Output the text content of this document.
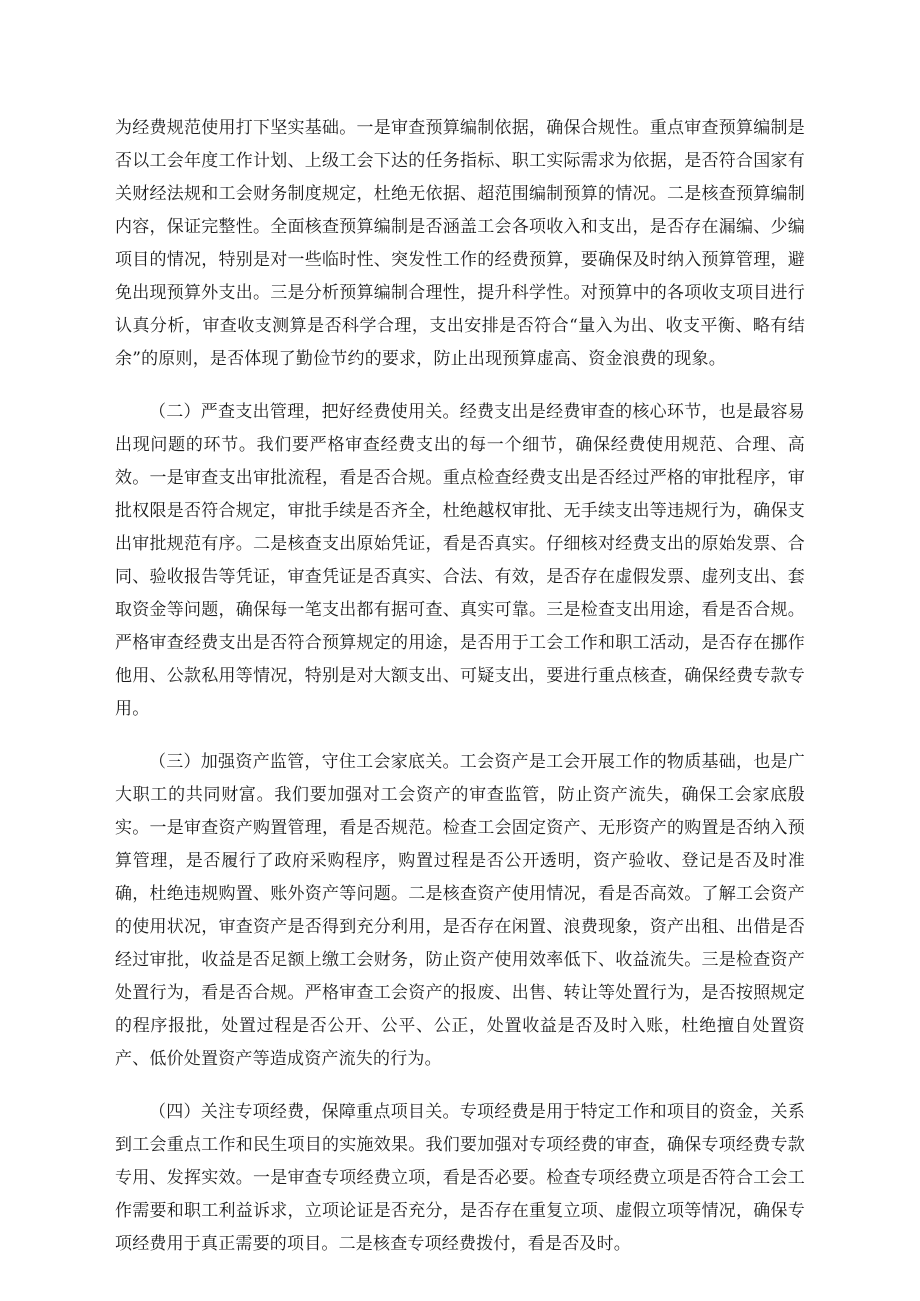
为经费规范使用打下坚实基础。一是审查预算编制依据，确保合规性。重点审查预算编制是否以工会年度工作计划、上级工会下达的任务指标、职工实际需求为依据，是否符合国家有关财经法规和工会财务制度规定，杜绝无依据、超范围编制预算的情况。二是核查预算编制内容，保证完整性。全面核查预算编制是否涵盖工会各项收入和支出，是否存在漏编、少编项目的情况，特别是对一些临时性、突发性工作的经费预算，要确保及时纳入预算管理，避免出现预算外支出。三是分析预算编制合理性，提升科学性。对预算中的各项收支项目进行认真分析，审查收支测算是否科学合理，支出安排是否符合“量入为出、收支平衡、略有结余”的原则，是否体现了勤俭节约的要求，防止出现预算虚高、资金浪费的现象。

（二）严查支出管理，把好经费使用关。经费支出是经费审查的核心环节，也是最容易出现问题的环节。我们要严格审查经费支出的每一个细节，确保经费使用规范、合理、高效。一是审查支出审批流程，看是否合规。重点检查经费支出是否经过严格的审批程序，审批权限是否符合规定，审批手续是否齐全，杜绝越权审批、无手续支出等违规行为，确保支出审批规范有序。二是核查支出原始凭证，看是否真实。仔细核对经费支出的原始发票、合同、验收报告等凭证，审查凭证是否真实、合法、有效，是否存在虚假发票、虚列支出、套取资金等问题，确保每一笔支出都有据可查、真实可靠。三是检查支出用途，看是否合规。严格审查经费支出是否符合预算规定的用途，是否用于工会工作和职工活动，是否存在挪作他用、公款私用等情况，特别是对大额支出、可疑支出，要进行重点核查，确保经费专款专用。

（三）加强资产监管，守住工会家底关。工会资产是工会开展工作的物质基础，也是广大职工的共同财富。我们要加强对工会资产的审查监管，防止资产流失，确保工会家底殷实。一是审查资产购置管理，看是否规范。检查工会固定资产、无形资产的购置是否纳入预算管理，是否履行了政府采购程序，购置过程是否公开透明，资产验收、登记是否及时准确，杜绝违规购置、账外资产等问题。二是核查资产使用情况，看是否高效。了解工会资产的使用状况，审查资产是否得到充分利用，是否存在闲置、浪费现象，资产出租、出借是否经过审批，收益是否足额上缴工会财务，防止资产使用效率低下、收益流失。三是检查资产处置行为，看是否合规。严格审查工会资产的报废、出售、转让等处置行为，是否按照规定的程序报批，处置过程是否公开、公平、公正，处置收益是否及时入账，杜绝擅自处置资产、低价处置资产等造成资产流失的行为。

（四）关注专项经费，保障重点项目关。专项经费是用于特定工作和项目的资金，关系到工会重点工作和民生项目的实施效果。我们要加强对专项经费的审查，确保专项经费专款专用、发挥实效。一是审查专项经费立项，看是否必要。检查专项经费立项是否符合工会工作需要和职工利益诉求，立项论证是否充分，是否存在重复立项、虚假立项等情况，确保专项经费用于真正需要的项目。二是核查专项经费拨付，看是否及时。
